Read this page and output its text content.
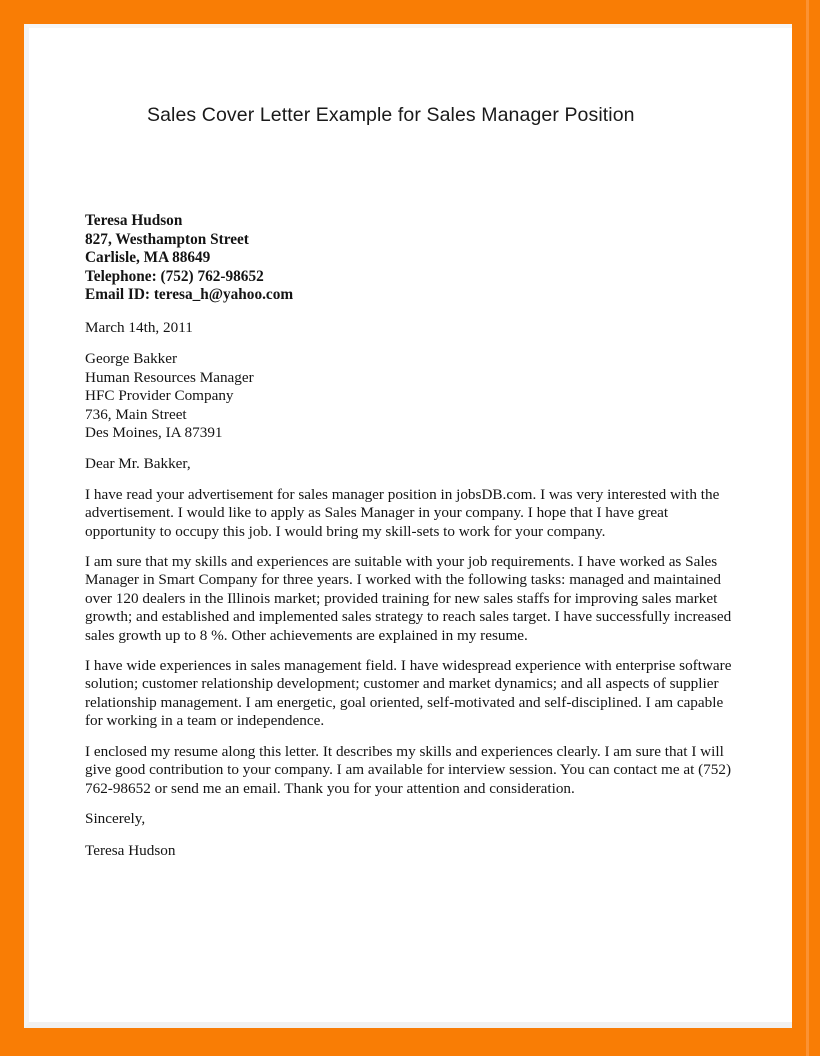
Sales Cover Letter Example for Sales Manager Position
Teresa Hudson
827, Westhampton Street
Carlisle, MA 88649
Telephone: (752) 762-98652
Email ID: teresa_h@yahoo.com
March 14th, 2011
George Bakker
Human Resources Manager
HFC Provider Company
736, Main Street
Des Moines, IA 87391
Dear Mr. Bakker,

I have read your advertisement for sales manager position in jobsDB.com. I was very interested with the advertisement. I would like to apply as Sales Manager in your company. I hope that I have great opportunity to occupy this job. I would bring my skill-sets to work for your company.

I am sure that my skills and experiences are suitable with your job requirements. I have worked as Sales Manager in Smart Company for three years. I worked with the following tasks: managed and maintained over 120 dealers in the Illinois market; provided training for new sales staffs for improving sales market growth; and established and implemented sales strategy to reach sales target. I have successfully increased sales growth up to 8 %. Other achievements are explained in my resume.

I have wide experiences in sales management field. I have widespread experience with enterprise software solution; customer relationship development; customer and market dynamics; and all aspects of supplier relationship management. I am energetic, goal oriented, self-motivated and self-disciplined. I am capable for working in a team or independence.

I enclosed my resume along this letter. It describes my skills and experiences clearly. I am sure that I will give good contribution to your company. I am available for interview session. You can contact me at (752) 762-98652 or send me an email. Thank you for your attention and consideration.

Sincerely,
Teresa Hudson
